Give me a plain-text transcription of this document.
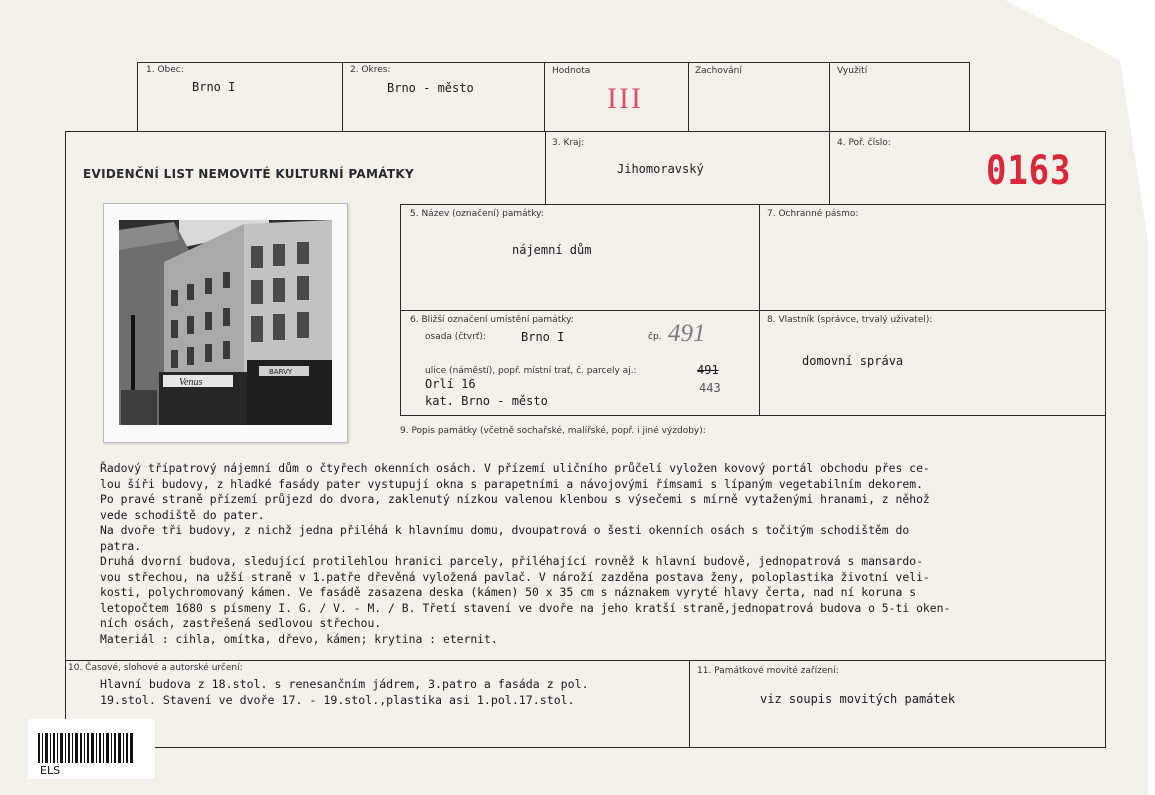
1. Obec:
Brno I
2. Okres:
Brno - město
Hodnota
III
Zachování	Využití
EVIDENČNÍ LIST NEMOVITÉ KULTURNÍ PAMÁTKY
3. Kraj:
Jihomoravský
4. Poř. číslo:
0163
5. Název (označení) památky:
nájemní dům
7. Ochranné pásmo:
6. Bližší označení umístění památky:
osada (čtvrť):	Brno I	čp. 491
ulice (náměstí), popř. místní trať, č. parcely aj.:	491
443
Orlí 16
kat. Brno - město
8. Vlastník (správce, trvalý uživatel):
domovní správa
9. Popis památky (včetně sochařské, malířské, popř. i jiné výzdoby):

Řadový třípatrový nájemní dům o čtyřech okenních osách. V přízemí uličního průčelí vyložen kovový portál obchodu přes ce-

lou šíři budovy, z hladké fasády pater vystupují okna s parapetními a návojovými římsami s lípaným vegetabilním dekorem.

Po pravé straně přízemí průjezd do dvora, zaklenutý nízkou valenou klenbou s výsečemi s mírně vytaženými hranami, z něhož

vede schodiště do pater.

Na dvoře tři budovy, z nichž jedna přiléhá k hlavnímu domu, dvoupatrová o šesti okenních osách s točitým schodištěm do

patra.

Druhá dvorní budova, sledující protilehlou hranici parcely, přiléhající rovněž k hlavní budově, jednopatrová s mansardo-

vou střechou, na užší straně v 1.patře dřevěná vyložená pavlač. V nároží zazděna postava ženy, poloplastika životní veli-

kosti, polychromovaný kámen. Ve fasádě zasazena deska (kámen) 50 x 35 cm s náznakem vyryté hlavy čerta, nad ní koruna s

letopočtem 1680 s písmeny I. G. / V. - M. / B. Třetí stavení ve dvoře na jeho kratší straně,jednopatrová budova o 5-ti oken-

ních osách, zastřešená sedlovou střechou.

Materiál : cihla, omítka, dřevo, kámen; krytina : eternit.

10. Časové, slohové a autorské určení:
Hlavní budova z 18.stol. s renesančním jádrem, 3.patro a fasáda z pol.
19.stol. Stavení ve dvoře 17. - 19.stol.,plastika asi 1.pol.17.stol.
11. Památkové movité zařízení:
viz soupis movitých památek
Venus
BARVY
ELS
